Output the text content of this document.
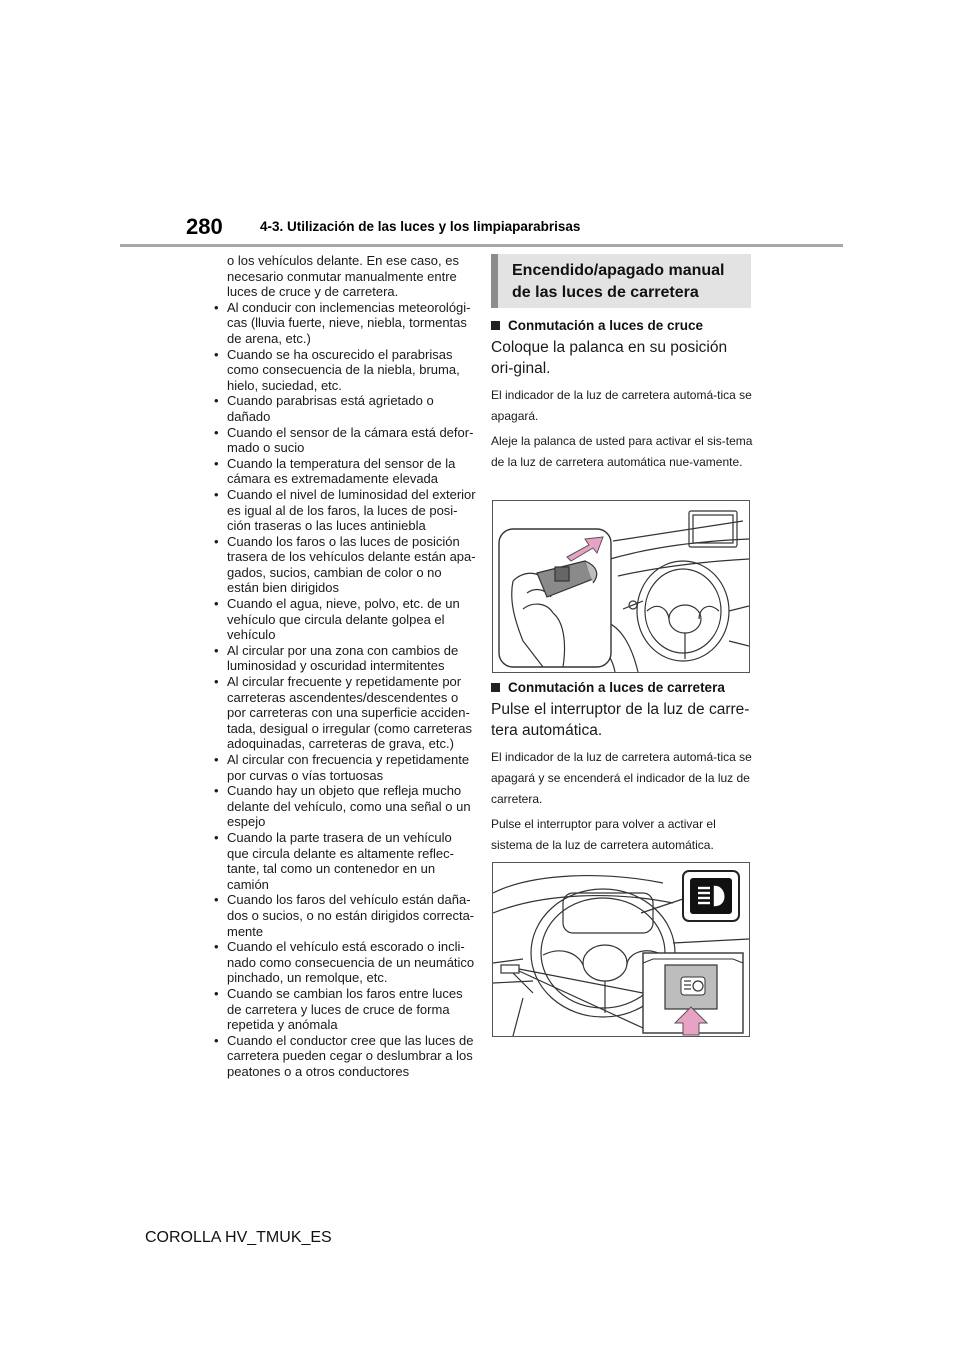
280	4-3. Utilización de las luces y los limpiaparabrisas

o los vehículos delante. En ese caso, es necesario conmutar manualmente entre luces de cruce y de carretera.

• Al conducir con inclemencias meteorológi-cas (lluvia fuerte, nieve, niebla, tormentas de arena, etc.)
• Cuando se ha oscurecido el parabrisas como consecuencia de la niebla, bruma, hielo, suciedad, etc.
• Cuando parabrisas está agrietado o dañado
• Cuando el sensor de la cámara está defor-mado o sucio
• Cuando la temperatura del sensor de la cámara es extremadamente elevada
• Cuando el nivel de luminosidad del exterior es igual al de los faros, la luces de posi-ción traseras o las luces antiniebla
• Cuando los faros o las luces de posición trasera de los vehículos delante están apa-gados, sucios, cambian de color o no están bien dirigidos
• Cuando el agua, nieve, polvo, etc. de un vehículo que circula delante golpea el vehículo
• Al circular por una zona con cambios de luminosidad y oscuridad intermitentes
• Al circular frecuente y repetidamente por carreteras ascendentes/descendentes o por carreteras con una superficie acciden-tada, desigual o irregular (como carreteras adoquinadas, carreteras de grava, etc.)
• Al circular con frecuencia y repetidamente por curvas o vías tortuosas
• Cuando hay un objeto que refleja mucho delante del vehículo, como una señal o un espejo
• Cuando la parte trasera de un vehículo que circula delante es altamente reflec-tante, tal como un contenedor en un camión
• Cuando los faros del vehículo están daña-dos o sucios, o no están dirigidos correcta-mente
• Cuando el vehículo está escorado o incli-nado como consecuencia de un neumático pinchado, un remolque, etc.
• Cuando se cambian los faros entre luces de carretera y luces de cruce de forma repetida y anómala
• Cuando el conductor cree que las luces de carretera pueden cegar o deslumbrar a los peatones o a otros conductores
Encendido/apagado manual de las luces de carretera

Conmutación a luces de cruce

Coloque la palanca en su posición ori-ginal.

El indicador de la luz de carretera automá-tica se apagará.

Aleje la palanca de usted para activar el sis-tema de la luz de carretera automática nue-vamente.

Conmutación a luces de carretera

Pulse el interruptor de la luz de carre-tera automática.

El indicador de la luz de carretera automá-tica se apagará y se encenderá el indicador de la luz de carretera.

Pulse el interruptor para volver a activar el sistema de la luz de carretera automática.

COROLLA HV_TMUK_ES
